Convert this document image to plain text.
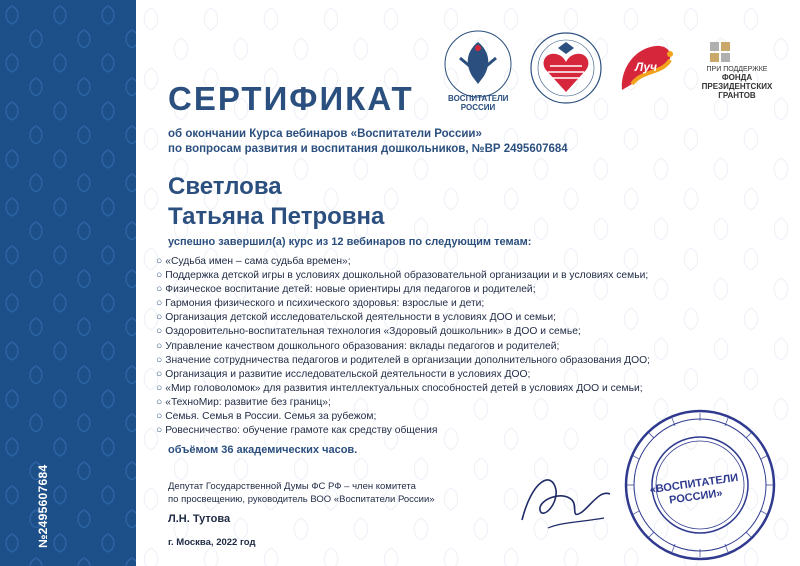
№2495607684
ВОСПИТАТЕЛИ РОССИИ
Луч	ПРИ ПОДДЕРЖКЕ
ФОНДА
ПРЕЗИДЕНТСКИХ
ГРАНТОВ
СЕРТИФИКАТ
об окончании Курса вебинаров «Воспитатели России»
по вопросам развития и воспитания дошкольников, №ВР 2495607684
Светлова
Татьяна Петровна
успешно завершил(а) курс из 12 вебинаров по следующим темам:
○ «Судьба имен – сама судьба времен»;
○ Поддержка детской игры в условиях дошкольной образовательной организации и в условиях семьи;
○ Физическое воспитание детей: новые ориентиры для педагогов и родителей;
○ Гармония физического и психического здоровья: взрослые и дети;
○ Организация детской исследовательской деятельности в условиях ДОО и семьи;
○ Оздоровительно-воспитательная технология «Здоровый дошкольник» в ДОО и семье;
○ Управление качеством дошкольного образования: вклады педагогов и родителей;
○ Значение сотрудничества педагогов и родителей в организации дополнительного образования ДОО;
○ Организация и развитие исследовательской деятельности в условиях ДОО;
○ «Мир головоломок» для развития интеллектуальных способностей детей в условиях ДОО и семьи;
○ «ТехноМир: развитие без границ»;
○ Семья. Семья в России. Семья за рубежом;
○ Ровесничество: обучение грамоте как средству общения
объёмом 36 академических часов.
Депутат Государственной Думы ФС РФ – член комитета
по просвещению, руководитель ВОО «Воспитатели России»
Л.Н. Тутова
г. Москва, 2022 год
«ВОСПИТАТЕЛИ РОССИИ»
